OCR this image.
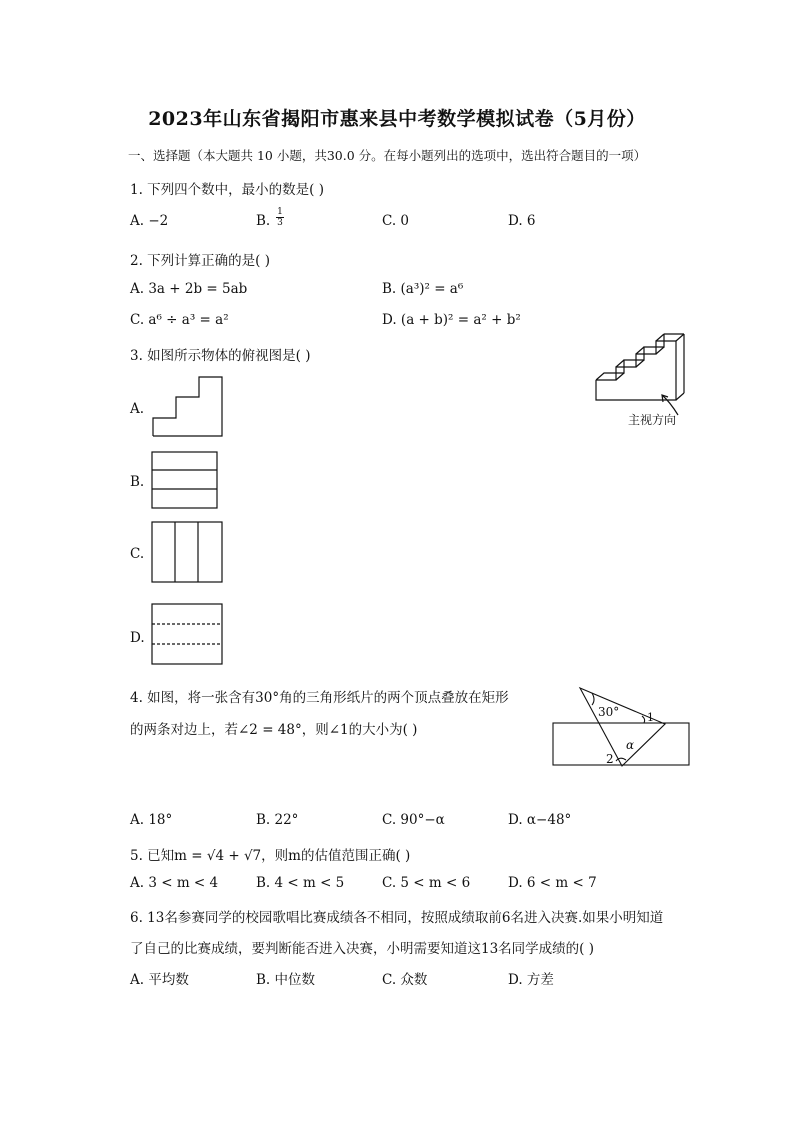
2023年山东省揭阳市惠来县中考数学模拟试卷（5月份）
一、选择题（本大题共 10 小题，共30.0 分。在每小题列出的选项中，选出符合题目的一项）
1. 下列四个数中，最小的数是( )
A. −2	B.
1
3	C. 0	D. 6
2. 下列计算正确的是( )
A. 3a + 2b = 5ab	B. (a³)² = a⁶
C. a⁶ ÷ a³ = a²	D. (a + b)² = a² + b²
3. 如图所示物体的俯视图是( )
主视方向
A.
B.
C.
D.
4. 如图，将一张含有30°角的三角形纸片的两个顶点叠放在矩形
的两条对边上，若∠2 = 48°，则∠1的大小为( )
30°	1
α
2
A. 18°	B. 22°	C. 90°−α	D. α−48°
5. 已知m = √4 + √7，则m的估值范围正确( )
A. 3 < m < 4	B. 4 < m < 5	C. 5 < m < 6	D. 6 < m < 7
6. 13名参赛同学的校园歌唱比赛成绩各不相同，按照成绩取前6名进入决赛.如果小明知道
了自己的比赛成绩，要判断能否进入决赛，小明需要知道这13名同学成绩的( )
A. 平均数	B. 中位数	C. 众数	D. 方差
